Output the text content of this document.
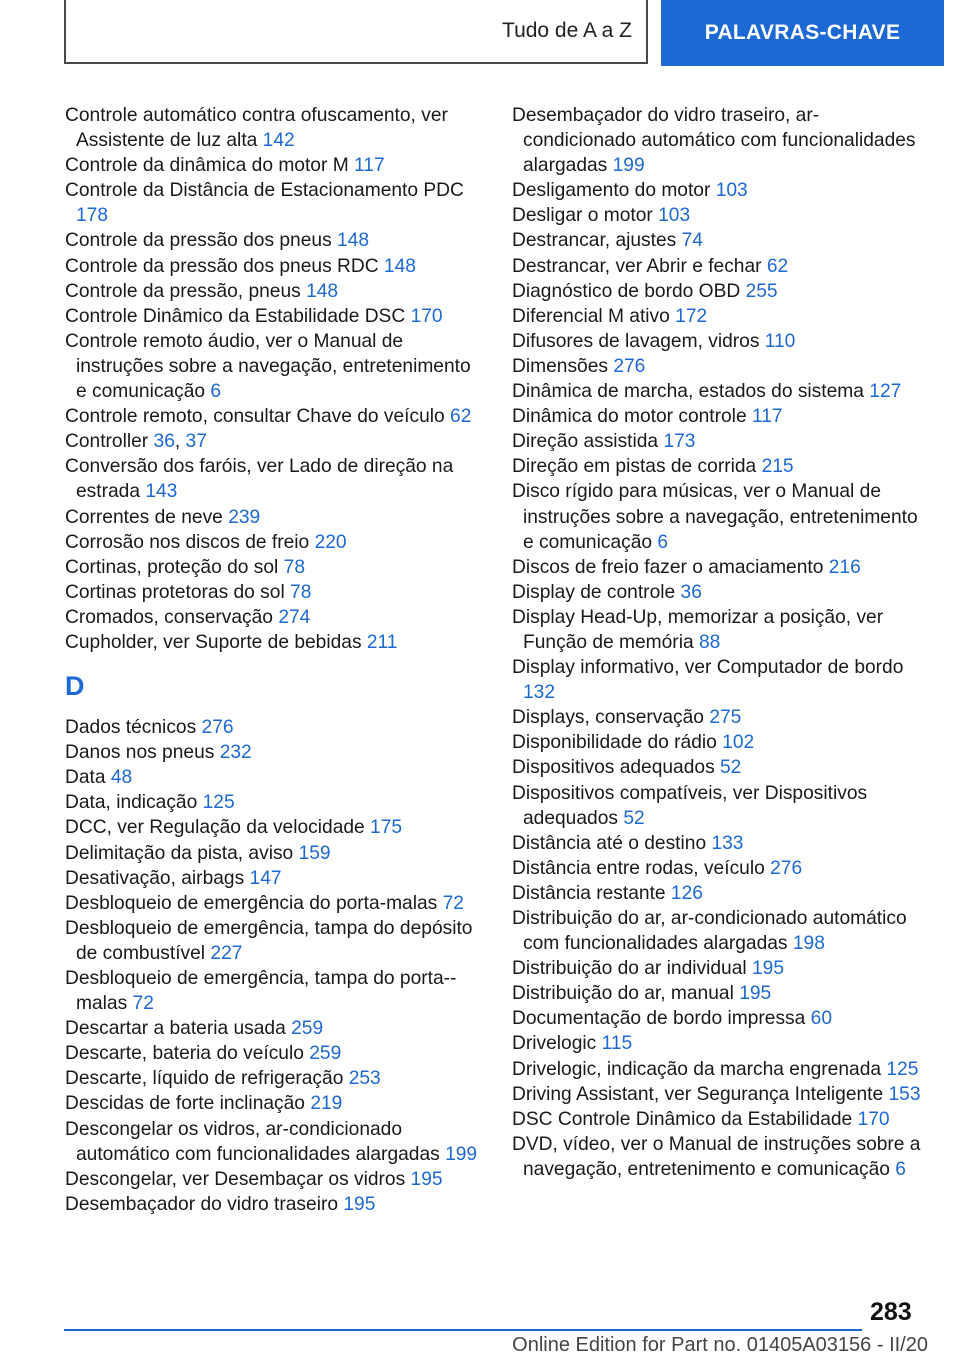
Tudo de A a Z	PALAVRAS-CHAVE

Controle automático contra ofuscamento, ver Assistente de luz alta 142

Controle da dinâmica do motor M 117

Controle da Distância de Estacionamento PDC 178

Controle da pressão dos pneus 148

Controle da pressão dos pneus RDC 148

Controle da pressão, pneus 148

Controle Dinâmico da Estabilidade DSC 170

Controle remoto áudio, ver o Manual de instruções sobre a navegação, entretenimento e comunicação 6

Controle remoto, consultar Chave do veículo 62

Controller 36, 37

Conversão dos faróis, ver Lado de direção na estrada 143

Correntes de neve 239

Corrosão nos discos de freio 220

Cortinas, proteção do sol 78

Cortinas protetoras do sol 78

Cromados, conservação 274

Cupholder, ver Suporte de bebidas 211

D

Dados técnicos 276

Danos nos pneus 232

Data 48

Data, indicação 125

DCC, ver Regulação da velocidade 175

Delimitação da pista, aviso 159

Desativação, airbags 147

Desbloqueio de emergência do porta-malas 72

Desbloqueio de emergência, tampa do depósito de combustível 227

Desbloqueio de emergência, tampa do porta--malas 72

Descartar a bateria usada 259

Descarte, bateria do veículo 259

Descarte, líquido de refrigeração 253

Descidas de forte inclinação 219

Descongelar os vidros, ar-condicionado automático com funcionalidades alargadas 199

Descongelar, ver Desembaçar os vidros 195

Desembaçador do vidro traseiro 195

Desembaçador do vidro traseiro, ar-condicionado automático com funcionalidades alargadas 199

Desligamento do motor 103

Desligar o motor 103

Destrancar, ajustes 74

Destrancar, ver Abrir e fechar 62

Diagnóstico de bordo OBD 255

Diferencial M ativo 172

Difusores de lavagem, vidros 110

Dimensões 276

Dinâmica de marcha, estados do sistema 127

Dinâmica do motor controle 117

Direção assistida 173

Direção em pistas de corrida 215

Disco rígido para músicas, ver o Manual de instruções sobre a navegação, entretenimento e comunicação 6

Discos de freio fazer o amaciamento 216

Display de controle 36

Display Head-Up, memorizar a posição, ver Função de memória 88

Display informativo, ver Computador de bordo 132

Displays, conservação 275

Disponibilidade do rádio 102

Dispositivos adequados 52

Dispositivos compatíveis, ver Dispositivos adequados 52

Distância até o destino 133

Distância entre rodas, veículo 276

Distância restante 126

Distribuição do ar, ar-condicionado automático com funcionalidades alargadas 198

Distribuição do ar individual 195

Distribuição do ar, manual 195

Documentação de bordo impressa 60

Drivelogic 115

Drivelogic, indicação da marcha engrenada 125

Driving Assistant, ver Segurança Inteligente 153

DSC Controle Dinâmico da Estabilidade 170

DVD, vídeo, ver o Manual de instruções sobre a navegação, entretenimento e comunicação 6

283
Online Edition for Part no. 01405A03156 - II/20
